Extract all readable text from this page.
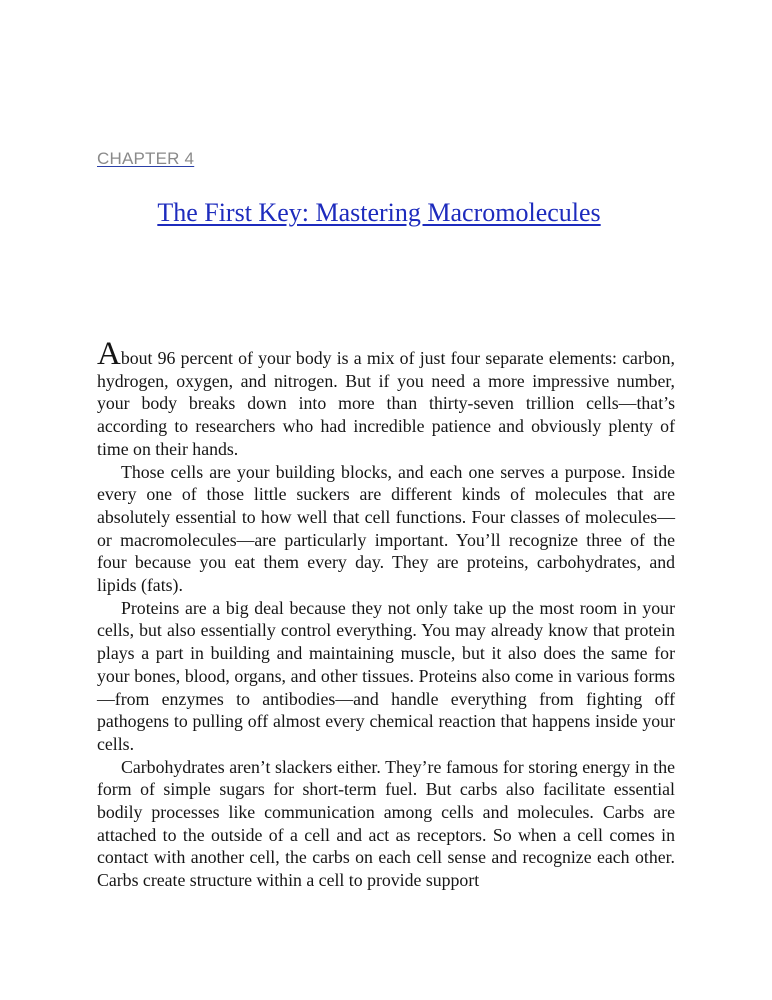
CHAPTER 4
The First Key: Mastering Macromolecules

About 96 percent of your body is a mix of just four separate elements: carbon, hydrogen, oxygen, and nitrogen. But if you need a more impressive number, your body breaks down into more than thirty-seven trillion cells—that’s according to researchers who had incredible patience and obviously plenty of time on their hands.

Those cells are your building blocks, and each one serves a purpose. Inside every one of those little suckers are different kinds of molecules that are absolutely essential to how well that cell functions. Four classes of molecules—or macromolecules—are particularly important. You’ll recognize three of the four because you eat them every day. They are proteins, carbohydrates, and lipids (fats).

Proteins are a big deal because they not only take up the most room in your cells, but also essentially control everything. You may already know that protein plays a part in building and maintaining muscle, but it also does the same for your bones, blood, organs, and other tissues. Proteins also come in various forms—from enzymes to antibodies—and handle everything from fighting off pathogens to pulling off almost every chemical reaction that happens inside your cells.

Carbohydrates aren’t slackers either. They’re famous for storing energy in the form of simple sugars for short-term fuel. But carbs also facilitate essential bodily processes like communication among cells and molecules. Carbs are attached to the outside of a cell and act as receptors. So when a cell comes in contact with another cell, the carbs on each cell sense and recognize each other. Carbs create structure within a cell to provide support
